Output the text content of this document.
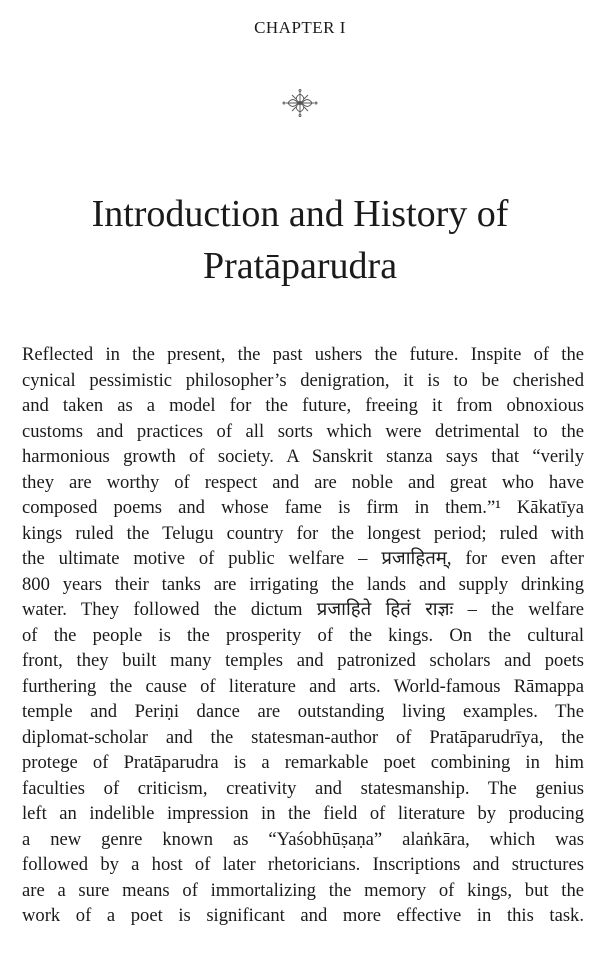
CHAPTER I
Introduction and History of
Pratāparudra
Reflected in the present, the past ushers the future. Inspite of the
cynical pessimistic philosopher’s denigration, it is to be cherished
and taken as a model for the future, freeing it from obnoxious
customs and practices of all sorts which were detrimental to the
harmonious growth of society. A Sanskrit stanza says that “verily
they are worthy of respect and are noble and great who have
composed poems and whose fame is firm in them.”¹ Kākatīya
kings ruled the Telugu country for the longest period; ruled with
the ultimate motive of public welfare – प्रजाहितम्, for even after
800 years their tanks are irrigating the lands and supply drinking
water. They followed the dictum प्रजाहिते हितं राज्ञः – the welfare
of the people is the prosperity of the kings. On the cultural
front, they built many temples and patronized scholars and poets
furthering the cause of literature and arts. World-famous Rāmappa
temple and Periṇi dance are outstanding living examples. The
diplomat-scholar and the statesman-author of Pratāparudrīya, the
protege of Pratāparudra is a remarkable poet combining in him
faculties of criticism, creativity and statesmanship. The genius
left an indelible impression in the field of literature by producing
a new genre known as “Yaśobhūṣaṇa” alaṅkāra, which was
followed by a host of later rhetoricians. Inscriptions and structures
are a sure means of immortalizing the memory of kings, but the
work of a poet is significant and more effective in this task.
